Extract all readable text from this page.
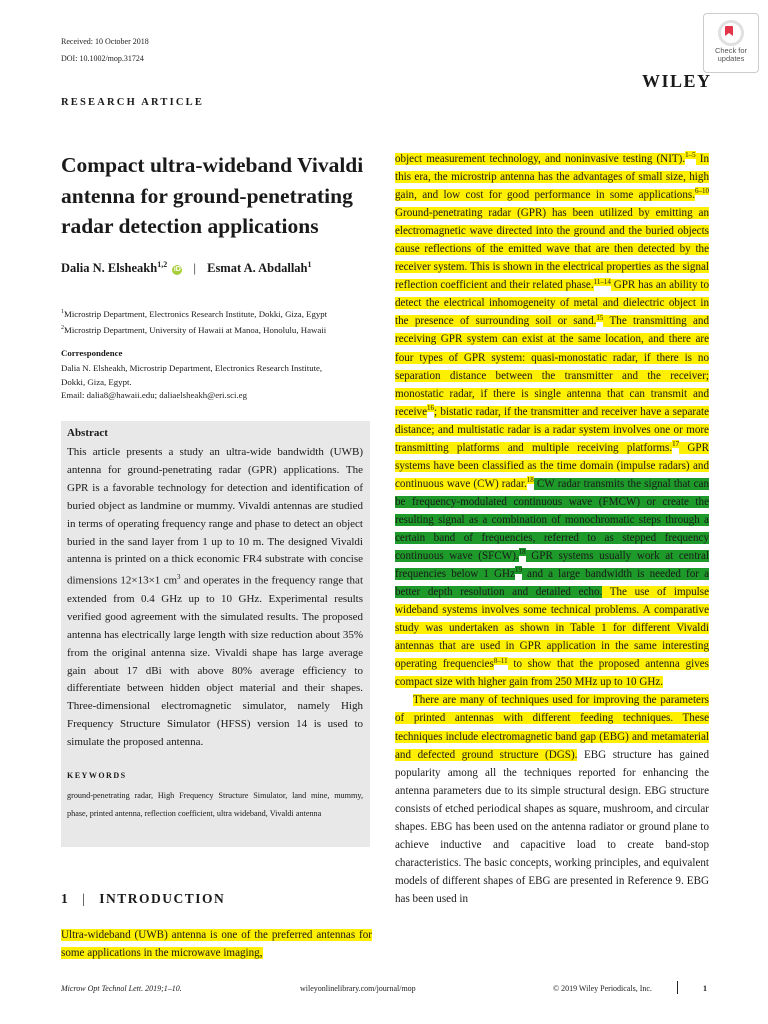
Received: 10 October 2018
DOI: 10.1002/mop.31724
Check for
updates
WILEY
RESEARCH ARTICLE
Compact ultra-wideband Vivaldi antenna for ground-penetrating radar detection applications
Dalia N. Elsheakh$^{1,2}$ iD | Esmat A. Abdallah$^1$
$^1$Microstrip Department, Electronics Research Institute, Dokki, Giza, Egypt
$^2$Microstrip Department, University of Hawaii at Manoa, Honolulu, Hawaii
Correspondence
Dalia N. Elsheakh, Microstrip Department, Electronics Research Institute,
Dokki, Giza, Egypt.
Email: dalia8@hawaii.edu; daliaelsheakh@eri.sci.eg
Abstract

This article presents a study an ultra-wide bandwidth (UWB) antenna for ground-penetrating radar (GPR) applications. The GPR is a favorable technology for detection and identification of buried object as landmine or mummy. Vivaldi antennas are studied in terms of operating frequency range and phase to detect an object buried in the sand layer from 1 up to 10 m. The designed Vivaldi antenna is printed on a thick economic FR4 substrate with concise dimensions 12×13×1 $cm^3$ and operates in the frequency range that extended from 0.4 GHz up to 10 GHz. Experimental results verified good agreement with the simulated results. The proposed antenna has electrically large length with size reduction about 35% from the original antenna size. Vivaldi shape has large average gain about 17 dBi with above 80% average efficiency to differentiate between hidden object material and their shapes. Three-dimensional electromagnetic simulator, namely High Frequency Structure Simulator (HFSS) version 14 is used to simulate the proposed antenna.

KEYWORDS

ground-penetrating radar, High Frequency Structure Simulator, land mine, mummy, phase, printed antenna, reflection coefficient, ultra wideband, Vivaldi antenna

1 | INTRODUCTION

Ultra-wideband (UWB) antenna is one of the preferred antennas for some applications in the microwave imaging,

object measurement technology, and noninvasive testing (NIT).$^{1-5}$ In this era, the microstrip antenna has the advantages of small size, high gain, and low cost for good performance in some applications.$^{6-10}$ Ground-penetrating radar (GPR) has been utilized by emitting an electromagnetic wave directed into the ground and the buried objects cause reflections of the emitted wave that are then detected by the receiver system. This is shown in the electrical properties as the signal reflection coefficient and their related phase.$^{11-14}$ GPR has an ability to detect the electrical inhomogeneity of metal and dielectric object in the presence of surrounding soil or sand.$^{15}$ The transmitting and receiving GPR system can exist at the same location, and there are four types of GPR system: quasi-monostatic radar, if there is no separation distance between the transmitter and the receiver; monostatic radar, if there is single antenna that can transmit and receive$^{16}$; bistatic radar, if the transmitter and receiver have a separate distance; and multistatic radar is a radar system involves one or more transmitting platforms and multiple receiving platforms.$^{17}$ GPR systems have been classified as the time domain (impulse radars) and continuous wave (CW) radar.$^{18}$ CW radar transmits the signal that can be frequency-modulated continuous wave (FMCW) or create the resulting signal as a combination of monochromatic steps through a certain band of frequencies, referred to as stepped frequency continuous wave (SFCW).$^{18}$ GPR systems usually work at central frequencies below 1 GHz$^{19}$ and a large bandwidth is needed for a better depth resolution and detailed echo. The use of impulse wideband systems involves some technical problems. A comparative study was undertaken as shown in Table 1 for different Vivaldi antennas that are used in GPR application in the same interesting operating frequencies$^{8-11}$ to show that the proposed antenna gives compact size with higher gain from 250 MHz up to 10 GHz.

There are many of techniques used for improving the parameters of printed antennas with different feeding techniques. These techniques include electromagnetic band gap (EBG) and metamaterial and defected ground structure (DGS). EBG structure has gained popularity among all the techniques reported for enhancing the antenna parameters due to its simple structural design. EBG structure consists of etched periodical shapes as square, mushroom, and circular shapes. EBG has been used on the antenna radiator or ground plane to achieve inductive and capacitive load to create band-stop characteristics. The basic concepts, working principles, and equivalent models of different shapes of EBG are presented in Reference 9. EBG has been used in

Microw Opt Technol Lett. 2019;1–10.	wileyonlinelibrary.com/journal/mop	© 2019 Wiley Periodicals, Inc.	1
